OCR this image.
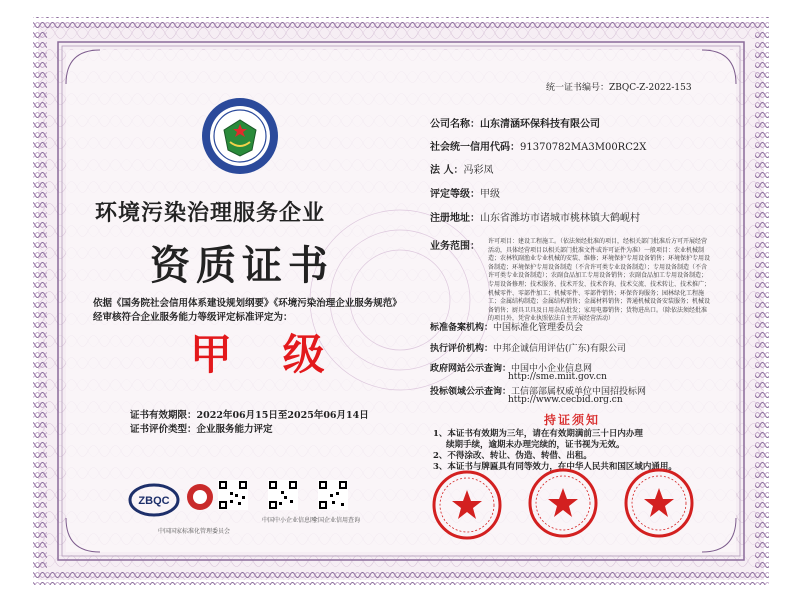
统一证书编号：ZBQC-Z-2022-153
环境污染治理服务企业
资质证书
依据《国务院社会信用体系建设规划纲要》《环境污染治理企业服务规范》
经审核符合企业服务能力等级评定标准评定为：
甲 级
证书有效期限：2022年06月15日至2025年06月14日
证书评价类型：企业服务能力评定
公司名称：山东清涵环保科技有限公司
社会统一信用代码：91370782MA3M00RC2X
法 人：冯彩凤
评定等级：甲级
注册地址：山东省潍坊市诸城市桃林镇大鹤岘村
业务范围： 许可项目：建设工程施工。（依法须经批准的项目，经相关部门批准后方可开展经营活动，具体经营项目以相关部门批准文件或许可证件为准）一般项目：农业机械制造；农林牧副渔业专业机械的安装、维修；环境保护专用设备销售；环境保护专用设备制造；环境保护专用设备制造（不含许可类专业设备制造）；专用设备制造（不含许可类专业设备制造）；农副食品加工专用设备销售；农副食品加工专用设备制造；专用设备修理；技术服务、技术开发、技术咨询、技术交流、技术转让、技术推广；机械零件、零部件加工；机械零件、零部件销售；环保咨询服务；园林绿化工程施工；金属结构制造；金属结构销售；金属材料销售；普通机械设备安装服务；机械设备销售；厨具卫具及日用杂品批发；家用电器销售；货物进出口。（除依法须经批准的项目外，凭营业执照依法自主开展经营活动）
标准备案机构：中国标准化管理委员会
执行评价机构：中邦企诚信用评估(广东)有限公司
政府网站公示查询：中国中小企业信息网
http://sme.miit.gov.cn
投标领域公示查询：工信部部属权威单位中国招投标网
http://www.cecbid.org.cn
持证须知
1、本证书有效期为三年，请在有效期满前三十日内办理
续期手续，逾期未办理完续的，证书视为无效。
2、不得涂改、转让、伪造、转借、出租。
3、本证书与牌匾具有同等效力，在中华人民共和国区域内通用。
ZBQC
中国国家标准化管理委员会
中国中小企业信息网
全国企业信用查询
